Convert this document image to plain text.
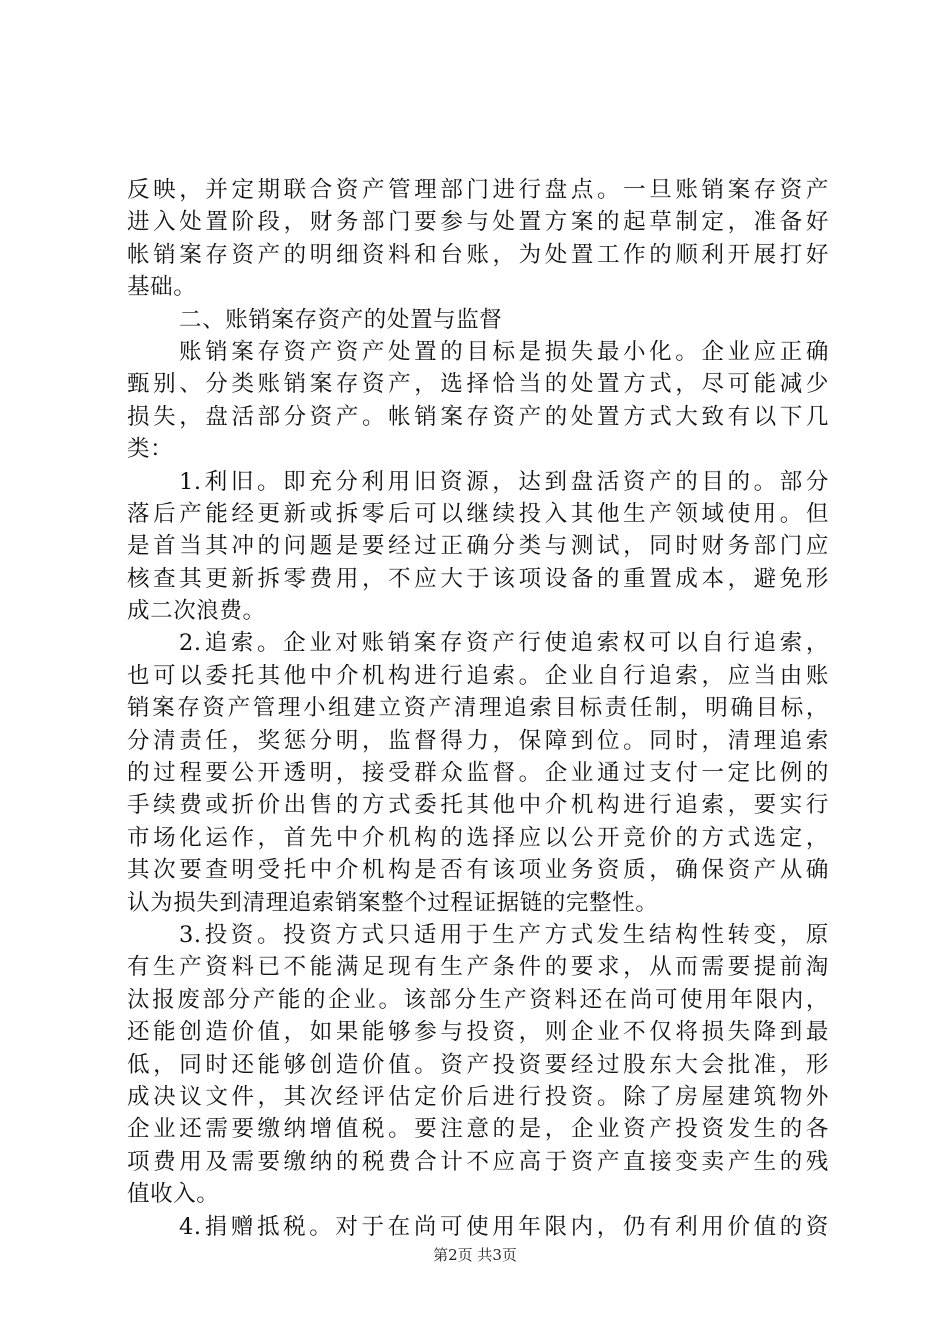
反映，并定期联合资产管理部门进行盘点。一旦账销案存资产
进入处置阶段，财务部门要参与处置方案的起草制定，准备好
帐销案存资产的明细资料和台账，为处置工作的顺利开展打好
基础。
二、账销案存资产的处置与监督
账销案存资产资产处置的目标是损失最小化。企业应正确
甄别、分类账销案存资产，选择恰当的处置方式，尽可能减少
损失，盘活部分资产。帐销案存资产的处置方式大致有以下几
类：
1.利旧。即充分利用旧资源，达到盘活资产的目的。部分
落后产能经更新或拆零后可以继续投入其他生产领域使用。但
是首当其冲的问题是要经过正确分类与测试，同时财务部门应
核查其更新拆零费用，不应大于该项设备的重置成本，避免形
成二次浪费。
2.追索。企业对账销案存资产行使追索权可以自行追索，
也可以委托其他中介机构进行追索。企业自行追索，应当由账
销案存资产管理小组建立资产清理追索目标责任制，明确目标，
分清责任，奖惩分明，监督得力，保障到位。同时，清理追索
的过程要公开透明，接受群众监督。企业通过支付一定比例的
手续费或折价出售的方式委托其他中介机构进行追索，要实行
市场化运作，首先中介机构的选择应以公开竞价的方式选定，
其次要查明受托中介机构是否有该项业务资质，确保资产从确
认为损失到清理追索销案整个过程证据链的完整性。
3.投资。投资方式只适用于生产方式发生结构性转变，原
有生产资料已不能满足现有生产条件的要求，从而需要提前淘
汰报废部分产能的企业。该部分生产资料还在尚可使用年限内，
还能创造价值，如果能够参与投资，则企业不仅将损失降到最
低，同时还能够创造价值。资产投资要经过股东大会批准，形
成决议文件，其次经评估定价后进行投资。除了房屋建筑物外
企业还需要缴纳增值税。要注意的是，企业资产投资发生的各
项费用及需要缴纳的税费合计不应高于资产直接变卖产生的残
值收入。
4.捐赠抵税。对于在尚可使用年限内，仍有利用价值的资
第2页 共3页
